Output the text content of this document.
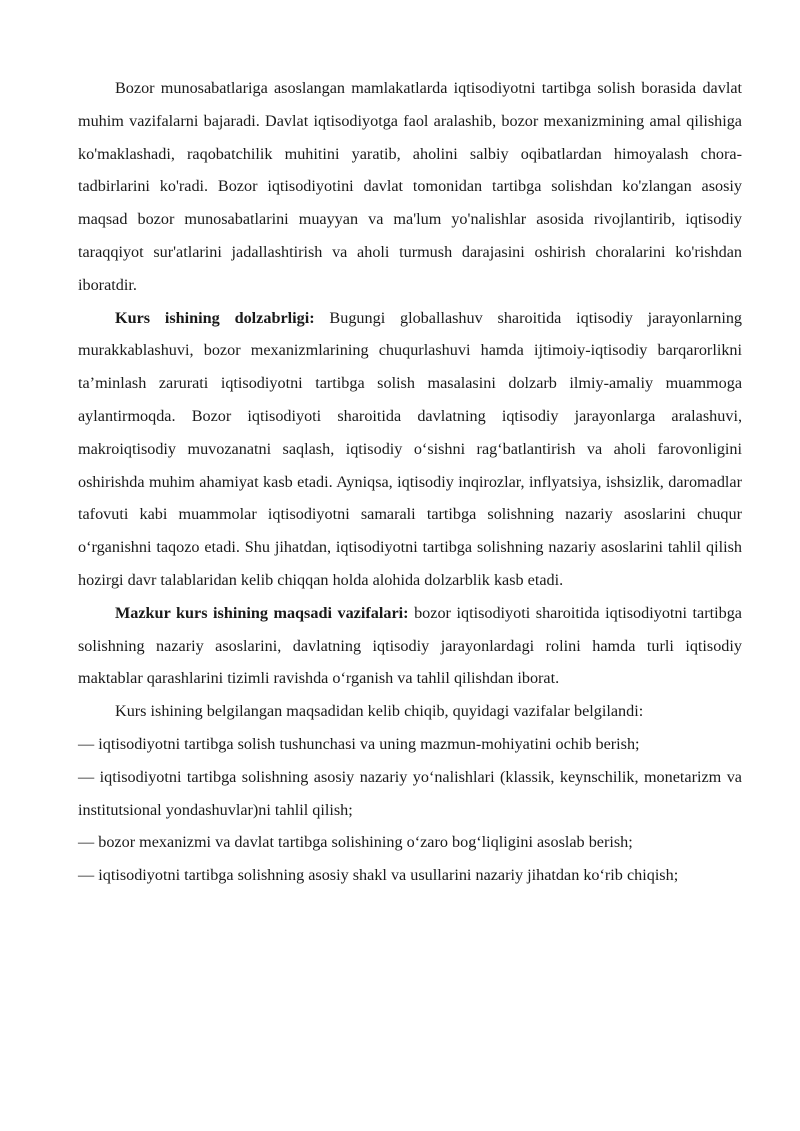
Bozor munosabatlariga asoslangan mamlakatlarda iqtisodiyotni tartibga solish borasida davlat muhim vazifalarni bajaradi. Davlat iqtisodiyotga faol aralashib, bozor mexanizmining amal qilishiga ko'maklashadi, raqobatchilik muhitini yaratib, aholini salbiy oqibatlardan himoyalash chora-tadbirlarini ko'radi. Bozor iqtisodiyotini davlat tomonidan tartibga solishdan ko'zlangan asosiy maqsad bozor munosabatlarini muayyan va ma'lum yo'nalishlar asosida rivojlantirib, iqtisodiy taraqqiyot sur'atlarini jadallashtirish va aholi turmush darajasini oshirish choralarini ko'rishdan iboratdir.

Kurs ishining dolzabrligi: Bugungi globallashuv sharoitida iqtisodiy jarayonlarning murakkablashuvi, bozor mexanizmlarining chuqurlashuvi hamda ijtimoiy-iqtisodiy barqarorlikni ta’minlash zarurati iqtisodiyotni tartibga solish masalasini dolzarb ilmiy-amaliy muammoga aylantirmoqda. Bozor iqtisodiyoti sharoitida davlatning iqtisodiy jarayonlarga aralashuvi, makroiqtisodiy muvozanatni saqlash, iqtisodiy o‘sishni rag‘batlantirish va aholi farovonligini oshirishda muhim ahamiyat kasb etadi. Ayniqsa, iqtisodiy inqirozlar, inflyatsiya, ishsizlik, daromadlar tafovuti kabi muammolar iqtisodiyotni samarali tartibga solishning nazariy asoslarini chuqur o‘rganishni taqozo etadi. Shu jihatdan, iqtisodiyotni tartibga solishning nazariy asoslarini tahlil qilish hozirgi davr talablaridan kelib chiqqan holda alohida dolzarblik kasb etadi.

Mazkur kurs ishining maqsadi vazifalari: bozor iqtisodiyoti sharoitida iqtisodiyotni tartibga solishning nazariy asoslarini, davlatning iqtisodiy jarayonlardagi rolini hamda turli iqtisodiy maktablar qarashlarini tizimli ravishda o‘rganish va tahlil qilishdan iborat.

Kurs ishining belgilangan maqsadidan kelib chiqib, quyidagi vazifalar belgilandi:

— iqtisodiyotni tartibga solish tushunchasi va uning mazmun-mohiyatini ochib berish;

— iqtisodiyotni tartibga solishning asosiy nazariy yo‘nalishlari (klassik, keynschilik, monetarizm va institutsional yondashuvlar)ni tahlil qilish;

— bozor mexanizmi va davlat tartibga solishining o‘zaro bog‘liqligini asoslab berish;

— iqtisodiyotni tartibga solishning asosiy shakl va usullarini nazariy jihatdan ko‘rib chiqish;
